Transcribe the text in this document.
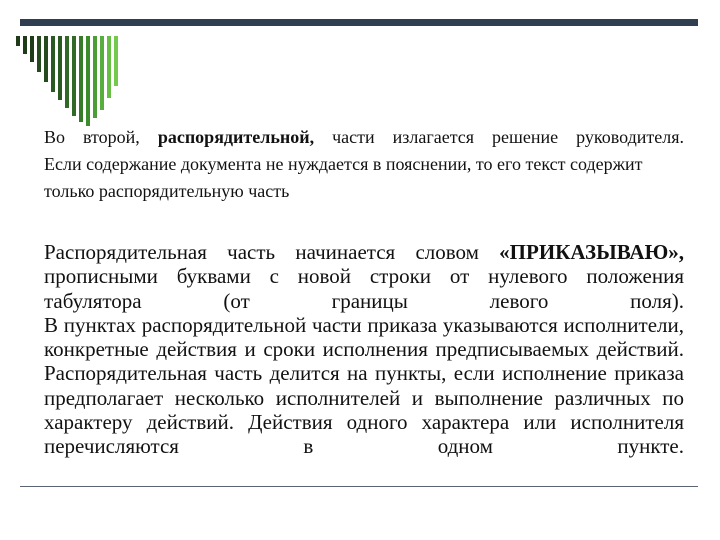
Во второй, распорядительной, части излагается решение руководителя.
Если содержание документа не нуждается в пояснении, то его текст содержит только распорядительную часть
Распорядительная часть начинается словом «ПРИКАЗЫВАЮ», прописными буквами с новой строки от нулевого положения табулятора (от границы левого поля).
В пунктах распорядительной части приказа указываются исполнители, конкретные действия и сроки исполнения предписываемых действий.
Распорядительная часть делится на пункты, если исполнение приказа предполагает несколько исполнителей и выполнение различных по характеру действий. Действия одного характера или исполнителя перечисляются в одном пункте.
